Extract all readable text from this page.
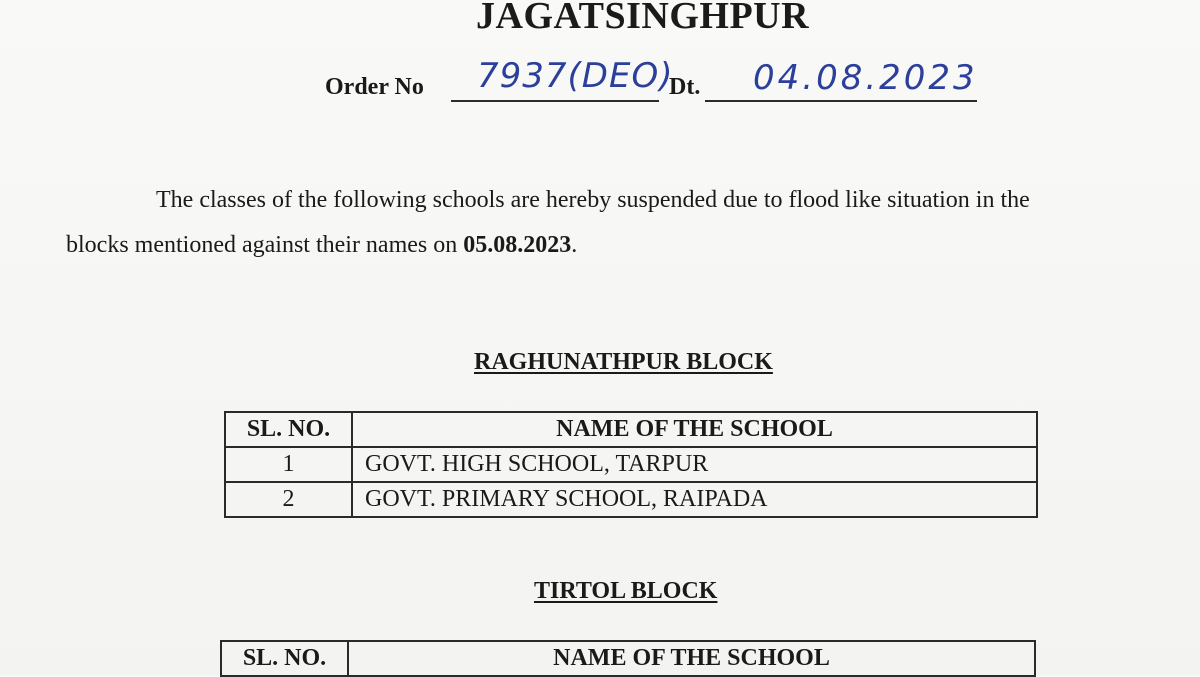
JAGATSINGHPUR
Order No 7937(DEO)
Dt. 04.08.2023
The classes of the following schools are hereby suspended due to flood like situation in the
blocks mentioned against their names on 05.08.2023.
RAGHUNATHPUR BLOCK
SL. NO.	NAME OF THE SCHOOL
1	GOVT. HIGH SCHOOL, TARPUR
2	GOVT. PRIMARY SCHOOL, RAIPADA
TIRTOL BLOCK
SL. NO.	NAME OF THE SCHOOL
